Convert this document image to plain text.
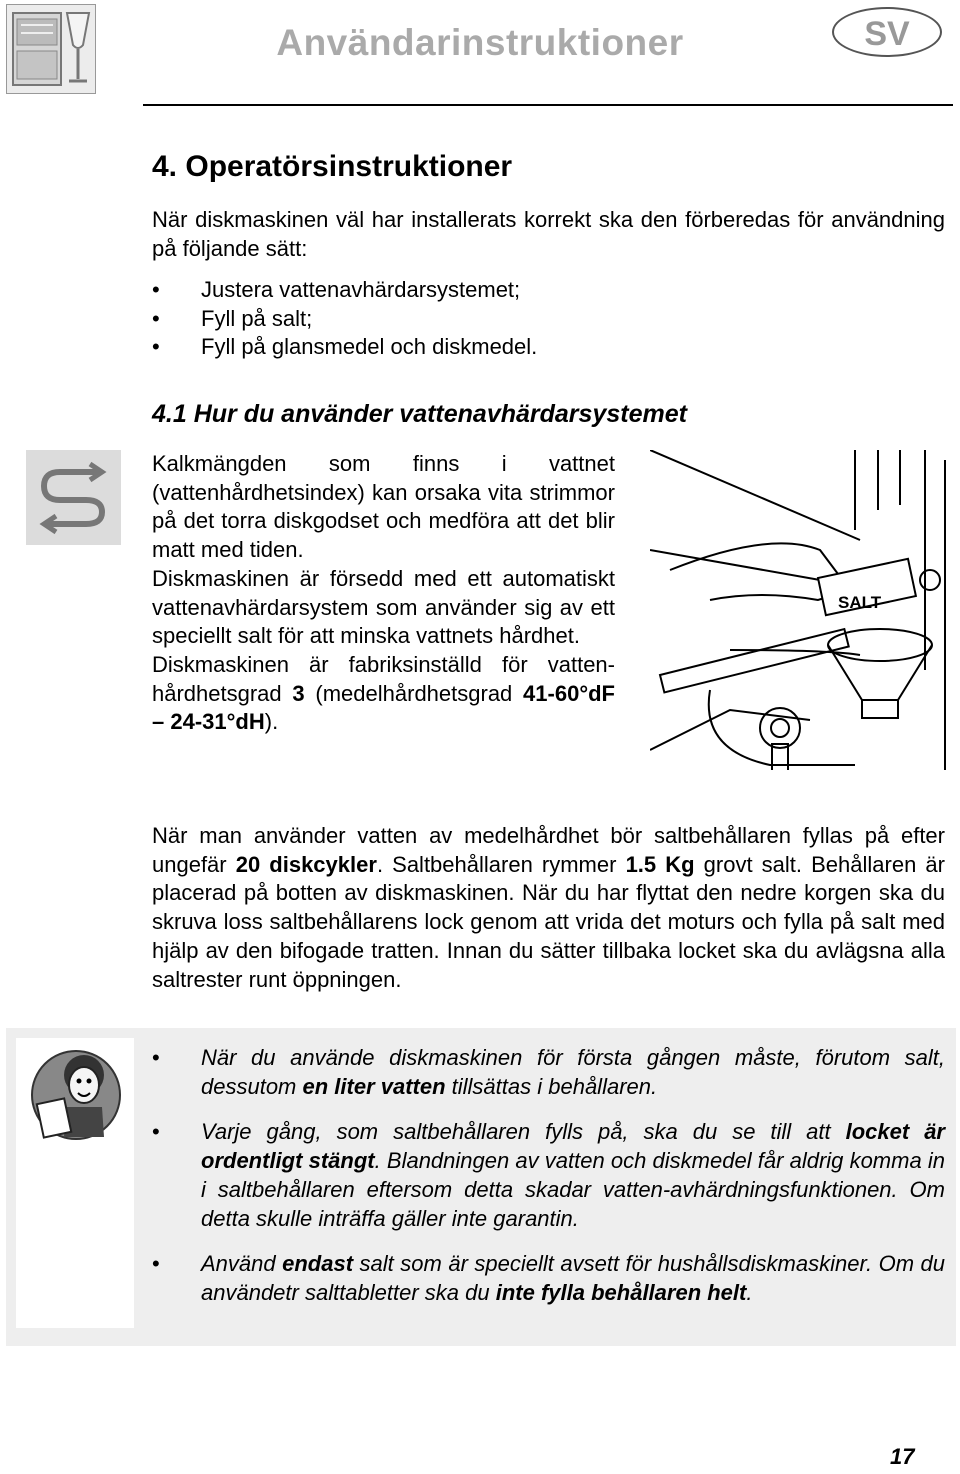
Användarinstruktioner	SV
4. Operatörsinstruktioner

När diskmaskinen väl har installerats korrekt ska den förberedas för användning på följande sätt:

• Justera vattenavhärdarsystemet;
• Fyll på salt;
• Fyll på glansmedel och diskmedel.
4.1 Hur du använder vattenavhärdarsystemet

Kalkmängden som finns i vattnet (vattenhårdhetsindex) kan orsaka vita strimmor på det torra diskgodset och medföra att det blir matt med tiden.

Diskmaskinen är försedd med ett automatiskt vattenavhärdarsystem som använder sig av ett speciellt salt för att minska vattnets hårdhet.

Diskmaskinen är fabriksinställd för vatten-hårdhetsgrad 3 (medelhårdhetsgrad 41-60°dF – 24-31°dH).

SALT

När man använder vatten av medelhårdhet bör saltbehållaren fyllas på efter ungefär 20 diskcykler. Saltbehållaren rymmer 1.5 Kg grovt salt. Behållaren är placerad på botten av diskmaskinen. När du har flyttat den nedre korgen ska du skruva loss saltbehållarens lock genom att vrida det moturs och fylla på salt med hjälp av den bifogade tratten. Innan du sätter tillbaka locket ska du avlägsna alla saltrester runt öppningen.

• När du använde diskmaskinen för första gången måste, förutom salt, dessutom en liter vatten tillsättas i behållaren.
• Varje gång, som saltbehållaren fylls på, ska du se till att locket är ordentligt stängt. Blandningen av vatten och diskmedel får aldrig komma in i saltbehållaren eftersom detta skadar vatten-avhärdningsfunktionen. Om detta skulle inträffa gäller inte garantin.
• Använd endast salt som är speciellt avsett för hushållsdiskmaskiner. Om du användetr salttabletter ska du inte fylla behållaren helt.
17
